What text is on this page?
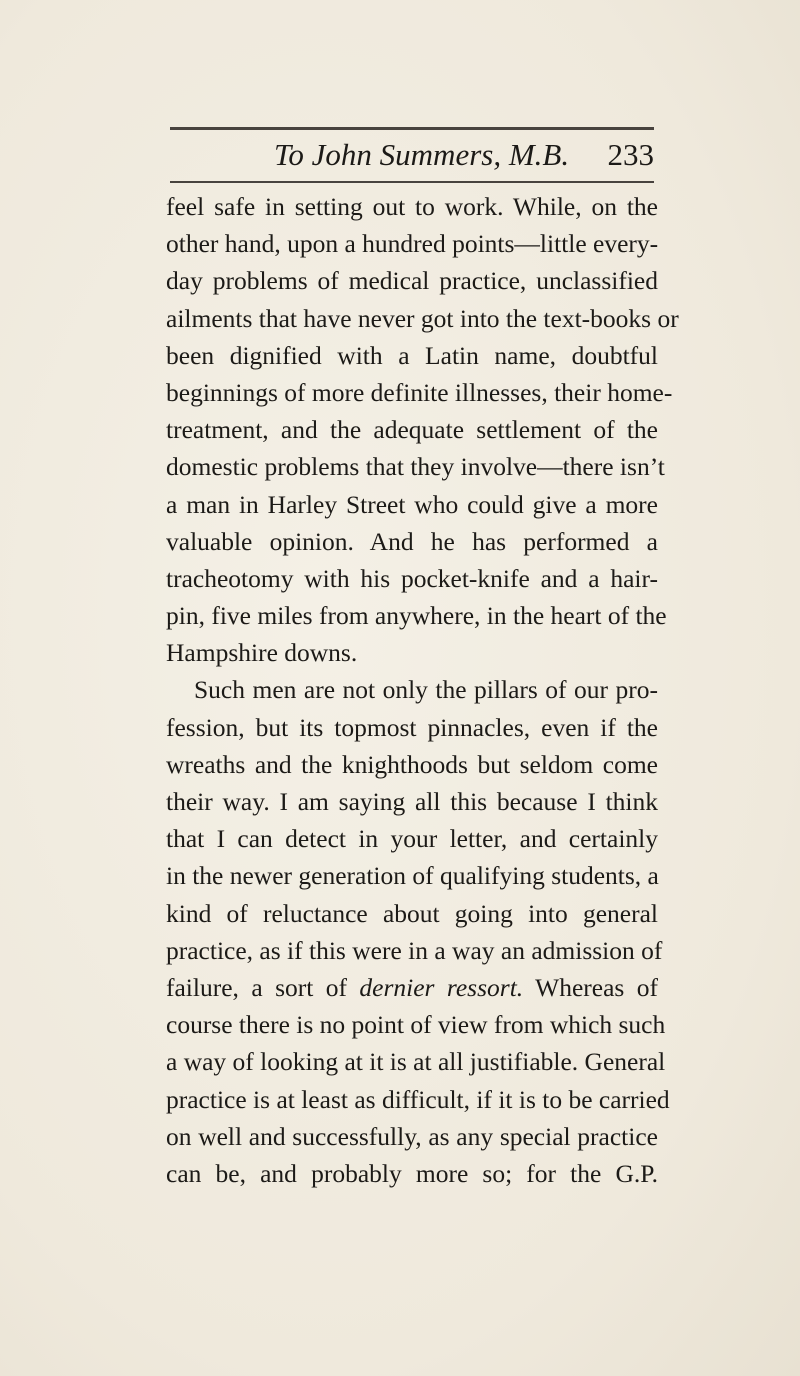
To John Summers, M.B. 233
feel safe in setting out to work. While, on the
other hand, upon a hundred points—little every-
day problems of medical practice, unclassified
ailments that have never got into the text-books or
been dignified with a Latin name, doubtful
beginnings of more definite illnesses, their home-
treatment, and the adequate settlement of the
domestic problems that they involve—there isn’t
a man in Harley Street who could give a more
valuable opinion. And he has performed a
tracheotomy with his pocket-knife and a hair-
pin, five miles from anywhere, in the heart of the
Hampshire downs.
Such men are not only the pillars of our pro-
fession, but its topmost pinnacles, even if the
wreaths and the knighthoods but seldom come
their way. I am saying all this because I think
that I can detect in your letter, and certainly
in the newer generation of qualifying students, a
kind of reluctance about going into general
practice, as if this were in a way an admission of
failure, a sort of dernier ressort. Whereas of
course there is no point of view from which such
a way of looking at it is at all justifiable. General
practice is at least as difficult, if it is to be carried
on well and successfully, as any special practice
can be, and probably more so; for the G.P.
